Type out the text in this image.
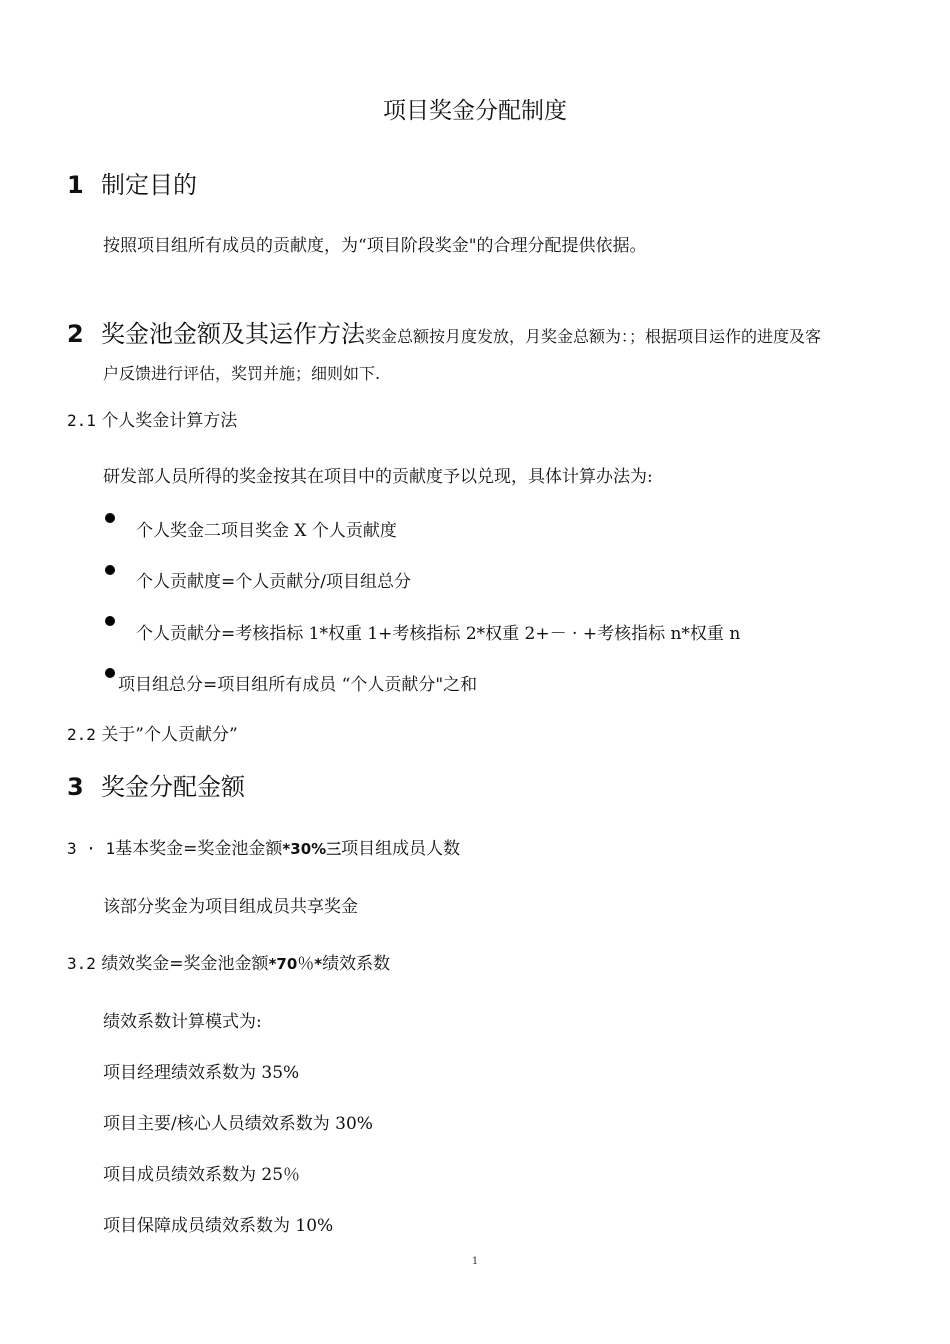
项目奖金分配制度
1 制定目的
按照项目组所有成员的贡献度，为“项目阶段奖金"的合理分配提供依据。
2 奖金池金额及其运作方法奖金总额按月度发放，月奖金总额为：；根据项目运作的进度及客
户反馈进行评估，奖罚并施；细则如下.
2.1 个人奖金计算方法
研发部人员所得的奖金按其在项目中的贡献度予以兑现，具体计算办法为:
个人奖金二项目奖金 X 个人贡献度
个人贡献度=个人贡献分/项目组总分
个人贡献分=考核指标 1*权重 1+考核指标 2*权重 2+－ · +考核指标 n*权重 n
项目组总分=项目组所有成员 “个人贡献分"之和
2.2 关于”个人贡献分”
3 奖金分配金额
3 · 1基本奖金=奖金池金额*30%三项目组成员人数
该部分奖金为项目组成员共享奖金
3.2 绩效奖金=奖金池金额*70％*绩效系数
绩效系数计算模式为:
项目经理绩效系数为 35%
项目主要/核心人员绩效系数为 30%
项目成员绩效系数为 25％
项目保障成员绩效系数为 10%
1
